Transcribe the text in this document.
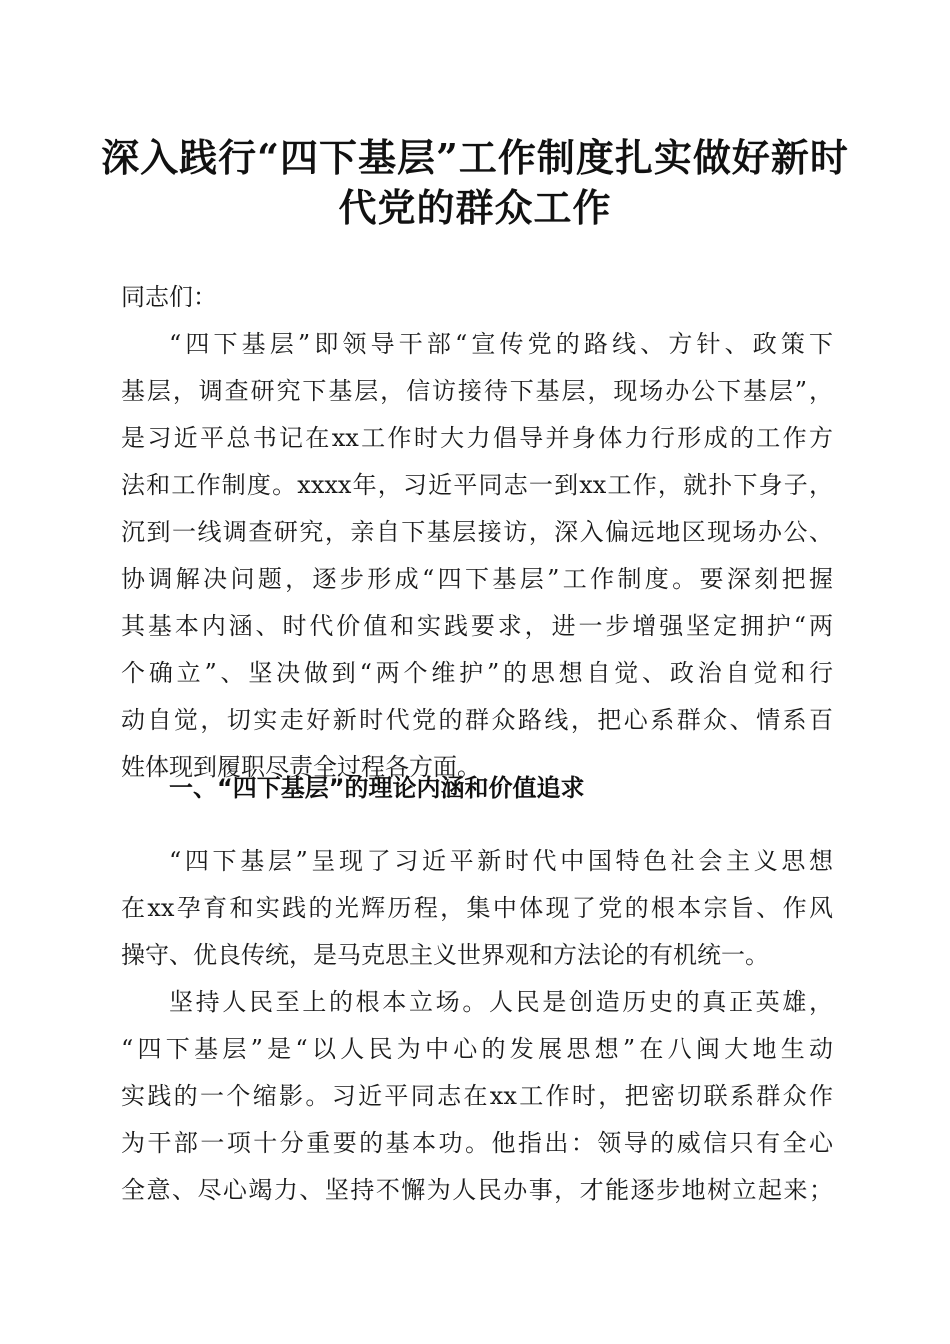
深入践行“四下基层”工作制度扎实做好新时
代党的群众工作
同志们：
“四下基层”即领导干部“宣传党的路线、方针、政策下
基层，调查研究下基层，信访接待下基层，现场办公下基层”，
是习近平总书记在xx工作时大力倡导并身体力行形成的工作方
法和工作制度。xxxx年，习近平同志一到xx工作，就扑下身子，
沉到一线调查研究，亲自下基层接访，深入偏远地区现场办公、
协调解决问题，逐步形成“四下基层”工作制度。要深刻把握
其基本内涵、时代价值和实践要求，进一步增强坚定拥护“两
个确立”、坚决做到“两个维护”的思想自觉、政治自觉和行
动自觉，切实走好新时代党的群众路线，把心系群众、情系百
姓体现到履职尽责全过程各方面。
“四下基层”呈现了习近平新时代中国特色社会主义思想
在xx孕育和实践的光辉历程，集中体现了党的根本宗旨、作风
操守、优良传统，是马克思主义世界观和方法论的有机统一。
坚持人民至上的根本立场。人民是创造历史的真正英雄，
“四下基层”是“以人民为中心的发展思想”在八闽大地生动
实践的一个缩影。习近平同志在xx工作时，把密切联系群众作
为干部一项十分重要的基本功。他指出：领导的威信只有全心
全意、尽心竭力、坚持不懈为人民办事，才能逐步地树立起来；
一、“四下基层”的理论内涵和价值追求
